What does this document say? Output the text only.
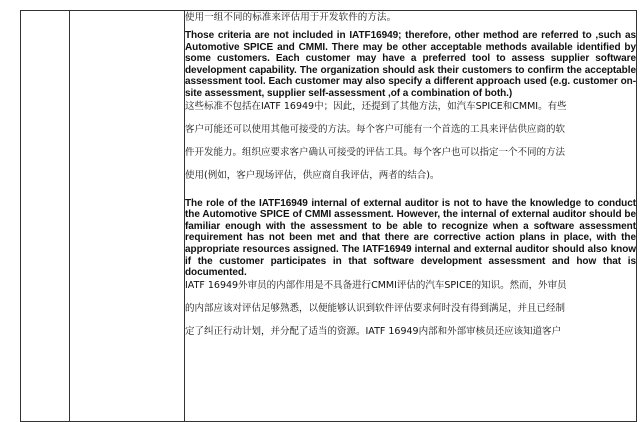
使用一组不同的标准来评估用于开发软件的方法。

Those criteria are not included in IATF16949; therefore, other method are referred to ,such as Automotive SPICE and CMMI. There may be other acceptable methods available identified by some customers. Each customer may have a preferred tool to assess supplier software development capability. The organization should ask their customers to confirm the acceptable assessment tool. Each customer may also specify a different approach used (e.g. customer on-site assessment, supplier self-assessment ,of a combination of both.)

这些标准不包括在IATF 16949中；因此，还提到了其他方法，如汽车SPICE和CMMI。有些

客户可能还可以使用其他可接受的方法。每个客户可能有一个首选的工具来评估供应商的软

件开发能力。组织应要求客户确认可接受的评估工具。每个客户也可以指定一个不同的方法

使用(例如，客户现场评估，供应商自我评估，两者的结合)。

The role of the IATF16949 internal of external auditor is not to have the knowledge to conduct the Automotive SPICE of CMMI assessment. However, the internal of external auditor should be familiar enough with the assessment to be able to recognize when a software assessment requirement has not been met and that there are corrective action plans in place, with the appropriate resources assigned. The IATF16949 internal and external auditor should also know if the customer participates in that software development assessment and how that is documented.

IATF 16949外审员的内部作用是不具备进行CMMI评估的汽车SPICE的知识。然而，外审员

的内部应该对评估足够熟悉，以便能够认识到软件评估要求何时没有得到满足，并且已经制

定了纠正行动计划，并分配了适当的资源。IATF 16949内部和外部审核员还应该知道客户
